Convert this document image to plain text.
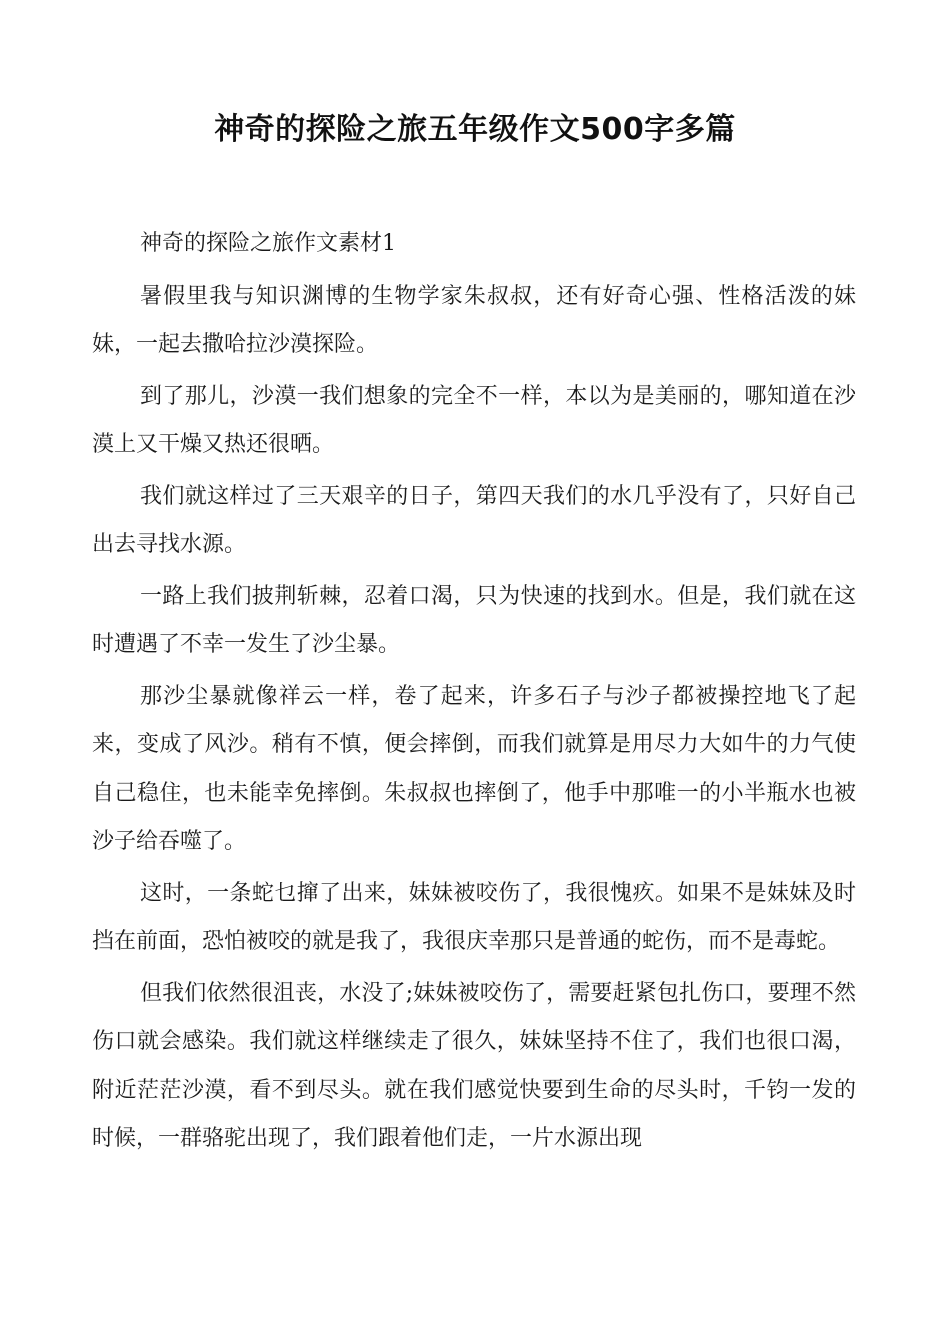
神奇的探险之旅五年级作文500字多篇

神奇的探险之旅作文素材1

暑假里我与知识渊博的生物学家朱叔叔，还有好奇心强、性格活泼的妹妹，一起去撒哈拉沙漠探险。

到了那儿，沙漠一我们想象的完全不一样，本以为是美丽的，哪知道在沙漠上又干燥又热还很晒。

我们就这样过了三天艰辛的日子，第四天我们的水几乎没有了，只好自己出去寻找水源。

一路上我们披荆斩棘，忍着口渴，只为快速的找到水。但是，我们就在这时遭遇了不幸一发生了沙尘暴。

那沙尘暴就像祥云一样，卷了起来，许多石子与沙子都被操控地飞了起来，变成了风沙。稍有不慎，便会摔倒，而我们就算是用尽力大如牛的力气使自己稳住，也未能幸免摔倒。朱叔叔也摔倒了，他手中那唯一的小半瓶水也被沙子给吞噬了。

这时，一条蛇乜撺了出来，妹妹被咬伤了，我很愧疚。如果不是妹妹及时挡在前面，恐怕被咬的就是我了，我很庆幸那只是普通的蛇伤，而不是毒蛇。

但我们依然很沮丧，水没了;妹妹被咬伤了，需要赶紧包扎伤口，要理不然伤口就会感染。我们就这样继续走了很久，妹妹坚持不住了，我们也很口渴，附近茫茫沙漠，看不到尽头。就在我们感觉快要到生命的尽头时，千钧一发的时候，一群骆驼出现了，我们跟着他们走，一片水源出现
